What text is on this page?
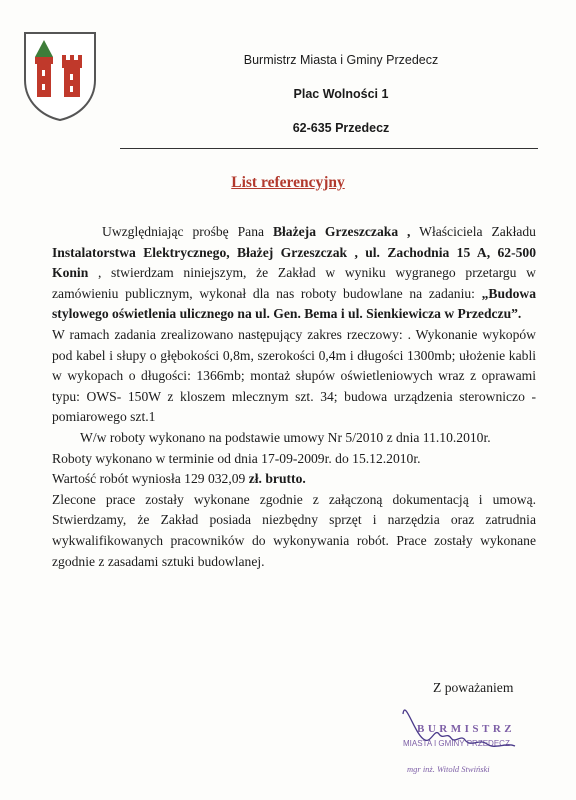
Burmistrz Miasta i Gminy Przedecz

Plac Wolności 1

62-635 Przedecz

List referencyjny

Uwzględniając prośbę Pana Błażeja Grzeszczaka , Właściciela Zakładu Instalatorstwa Elektrycznego, Błażej Grzeszczak , ul. Zachodnia 15 A, 62-500 Konin , stwierdzam niniejszym, że Zakład w wyniku wygranego przetargu w zamówieniu publicznym, wykonał dla nas roboty budowlane na zadaniu: „Budowa stylowego oświetlenia ulicznego na ul. Gen. Bema i ul. Sienkiewicza w Przedczu”.

W ramach zadania zrealizowano następujący zakres rzeczowy: . Wykonanie wykopów pod kabel i słupy o głębokości 0,8m, szerokości 0,4m i długości 1300mb; ułożenie kabli w wykopach o długości: 1366mb; montaż słupów oświetleniowych wraz z oprawami typu: OWS- 150W z kloszem mlecznym szt. 34; budowa urządzenia sterowniczo - pomiarowego szt.1

W/w roboty wykonano na podstawie umowy Nr 5/2010 z dnia 11.10.2010r.

Roboty wykonano w terminie od dnia 17-09-2009r. do 15.12.2010r.

Wartość robót wyniosła 129 032,09 zł. brutto.

Zlecone prace zostały wykonane zgodnie z załączoną dokumentacją i umową. Stwierdzamy, że Zakład posiada niezbędny sprzęt i narzędzia oraz zatrudnia wykwalifikowanych pracowników do wykonywania robót. Prace zostały wykonane zgodnie z zasadami sztuki budowlanej.

Z poważaniem
BURMISTRZ
MIASTA I GMINY PRZEDECZ
mgr inż. Witold Stwiński
